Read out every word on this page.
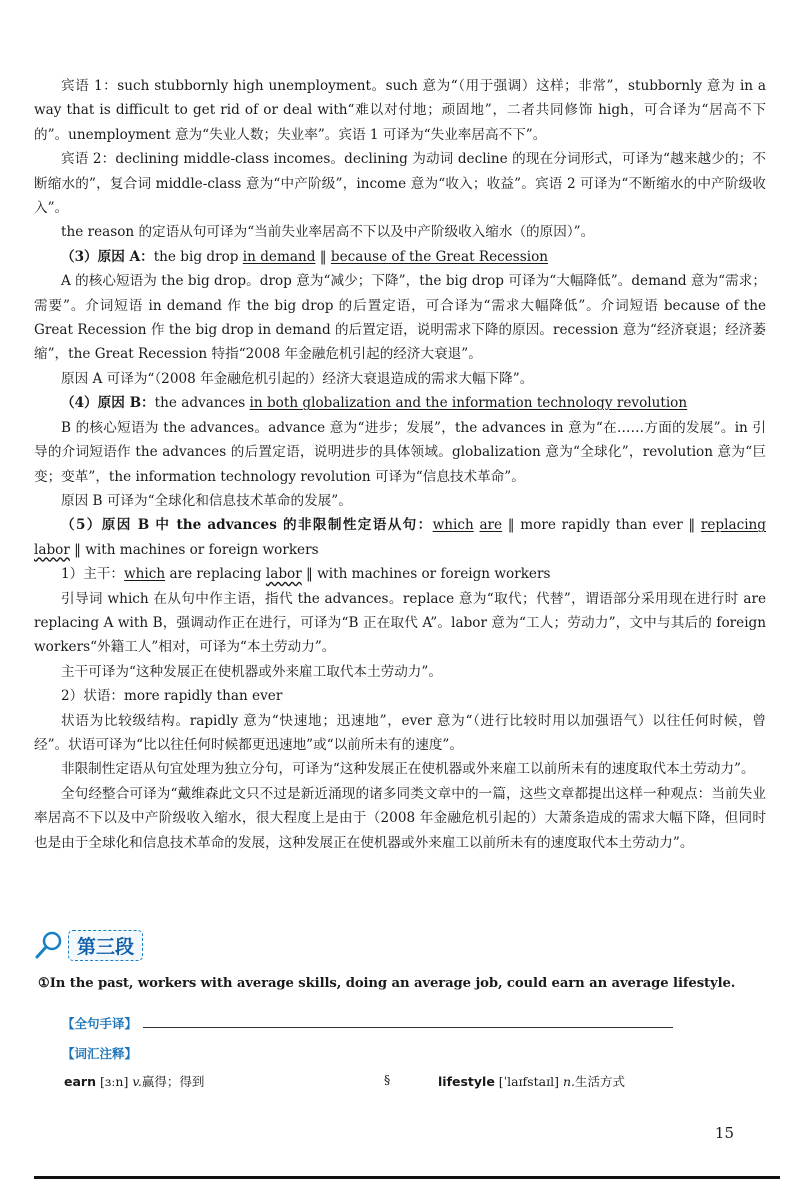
宾语 1：such stubbornly high unemployment。such 意为“（用于强调）这样；非常”，stubbornly 意为 in a way that is difficult to get rid of or deal with“难以对付地；顽固地”，二者共同修饰 high，可合译为“居高不下的”。unemployment 意为“失业人数；失业率”。宾语 1 可译为“失业率居高不下”。

宾语 2：declining middle-class incomes。declining 为动词 decline 的现在分词形式，可译为“越来越少的；不断缩水的”，复合词 middle-class 意为“中产阶级”，income 意为“收入；收益”。宾语 2 可译为“不断缩水的中产阶级收入”。

the reason 的定语从句可译为“当前失业率居高不下以及中产阶级收入缩水（的原因）”。

（3）原因 A：the big drop in demand ‖ because of the Great Recession

A 的核心短语为 the big drop。drop 意为“减少；下降”，the big drop 可译为“大幅降低”。demand 意为“需求；需要”。介词短语 in demand 作 the big drop 的后置定语，可合译为“需求大幅降低”。介词短语 because of the Great Recession 作 the big drop in demand 的后置定语，说明需求下降的原因。recession 意为“经济衰退；经济萎缩”，the Great Recession 特指“2008 年金融危机引起的经济大衰退”。

原因 A 可译为“（2008 年金融危机引起的）经济大衰退造成的需求大幅下降”。

（4）原因 B：the advances in both globalization and the information technology revolution

B 的核心短语为 the advances。advance 意为“进步；发展”，the advances in 意为“在……方面的发展”。in 引导的介词短语作 the advances 的后置定语，说明进步的具体领域。globalization 意为“全球化”，revolution 意为“巨变；变革”，the information technology revolution 可译为“信息技术革命”。

原因 B 可译为“全球化和信息技术革命的发展”。

（5）原因 B 中 the advances 的非限制性定语从句：which are ‖ more rapidly than ever ‖ replacing labor ‖ with machines or foreign workers

1）主干：which are replacing labor ‖ with machines or foreign workers

引导词 which 在从句中作主语，指代 the advances。replace 意为“取代；代替”，谓语部分采用现在进行时 are replacing A with B，强调动作正在进行，可译为“B 正在取代 A”。labor 意为“工人；劳动力”，文中与其后的 foreign workers“外籍工人”相对，可译为“本土劳动力”。

主干可译为“这种发展正在使机器或外来雇工取代本土劳动力”。

2）状语：more rapidly than ever

状语为比较级结构。rapidly 意为“快速地；迅速地”，ever 意为“（进行比较时用以加强语气）以往任何时候，曾经”。状语可译为“比以往任何时候都更迅速地”或“以前所未有的速度”。

非限制性定语从句宜处理为独立分句，可译为“这种发展正在使机器或外来雇工以前所未有的速度取代本土劳动力”。

全句经整合可译为“戴维森此文只不过是新近涌现的诸多同类文章中的一篇，这些文章都提出这样一种观点：当前失业率居高不下以及中产阶级收入缩水，很大程度上是由于（2008 年金融危机引起的）大萧条造成的需求大幅下降，但同时也是由于全球化和信息技术革命的发展，这种发展正在使机器或外来雇工以前所未有的速度取代本土劳动力”。

第三段
①In the past, workers with average skills, doing an average job, could earn an average lifestyle.
【全句手译】
【词汇注释】
earn [ɜːn] v.赢得；得到	§	lifestyle [ˈlaɪfstaɪl] n.生活方式
15
